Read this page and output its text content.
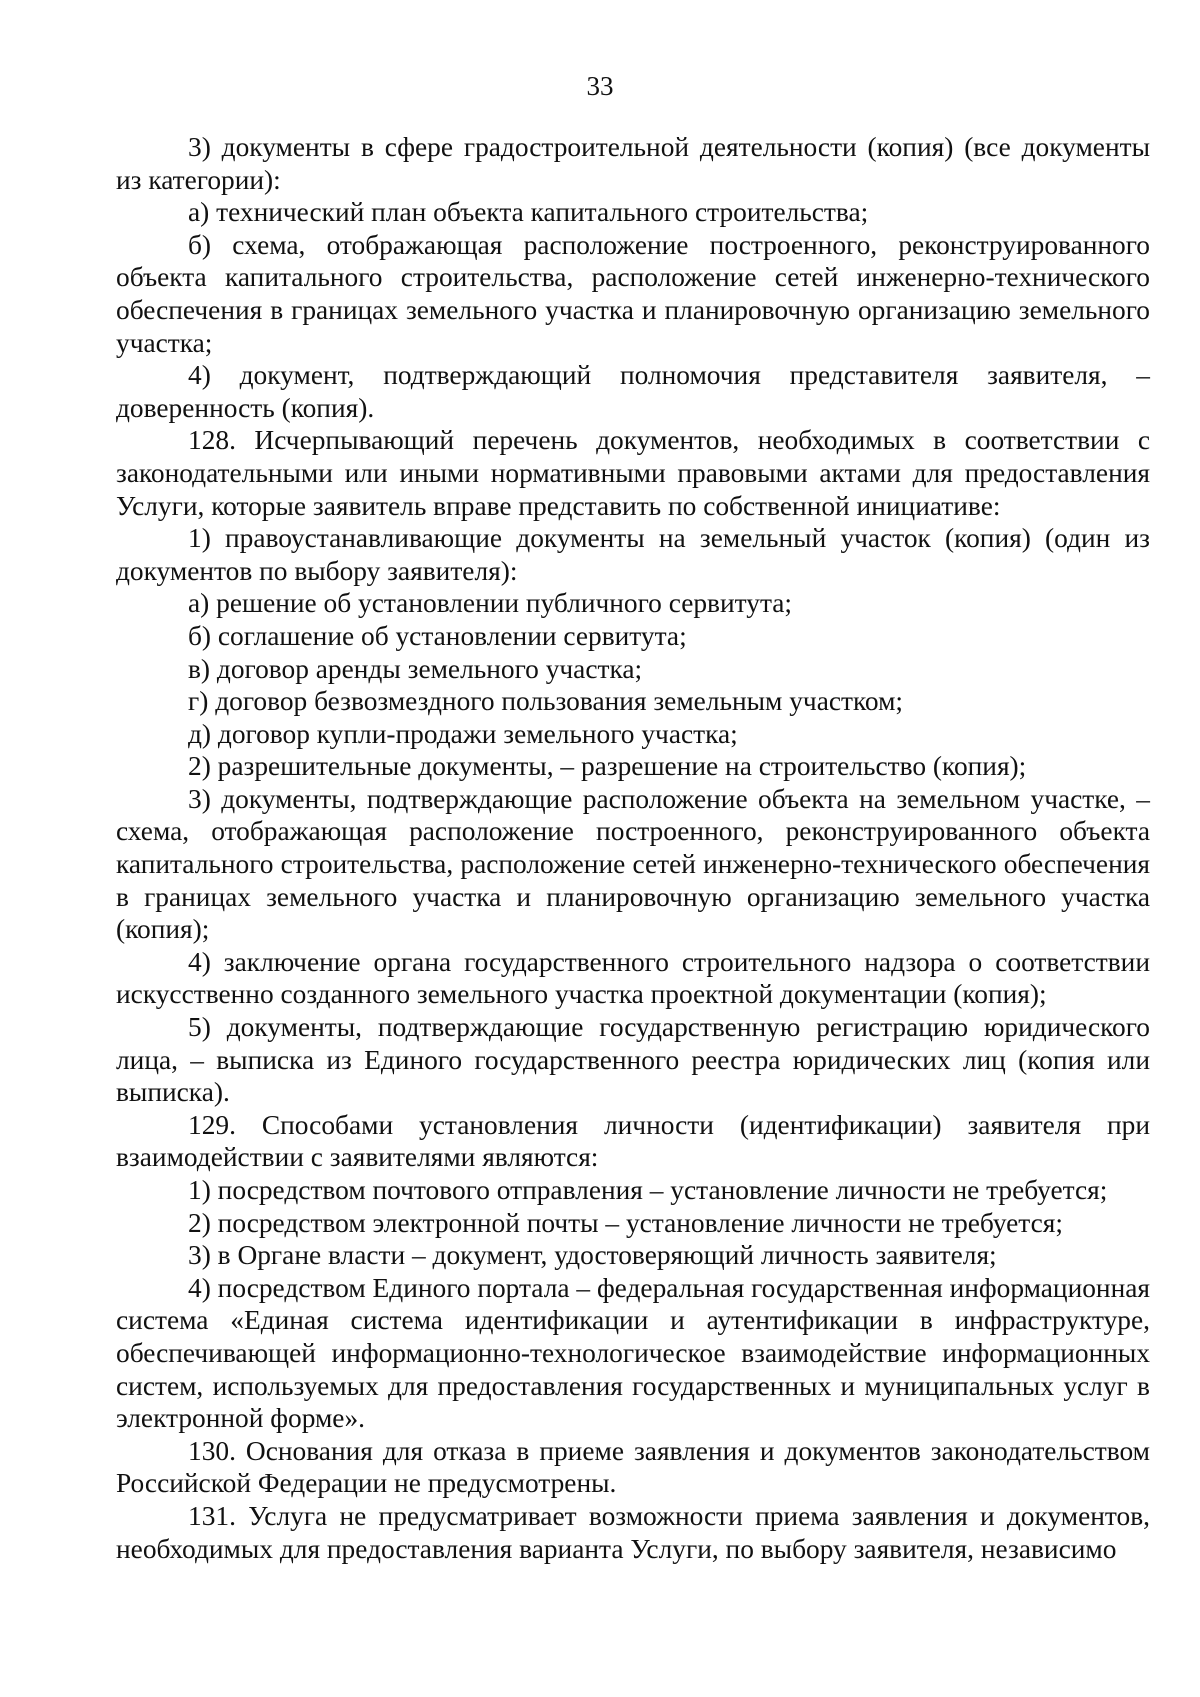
33

3) документы в сфере градостроительной деятельности (копия) (все документы из категории):

а) технический план объекта капитального строительства;

б) схема, отображающая расположение построенного, реконструированного объекта капитального строительства, расположение сетей инженерно-технического обеспечения в границах земельного участка и планировочную организацию земельного участка;

4) документ, подтверждающий полномочия представителя заявителя, – доверенность (копия).

128. Исчерпывающий перечень документов, необходимых в соответствии с законодательными или иными нормативными правовыми актами для предоставления Услуги, которые заявитель вправе представить по собственной инициативе:

1) правоустанавливающие документы на земельный участок (копия) (один из документов по выбору заявителя):

а) решение об установлении публичного сервитута;

б) соглашение об установлении сервитута;

в) договор аренды земельного участка;

г) договор безвозмездного пользования земельным участком;

д) договор купли-продажи земельного участка;

2) разрешительные документы, – разрешение на строительство (копия);

3) документы, подтверждающие расположение объекта на земельном участке, – схема, отображающая расположение построенного, реконструированного объекта капитального строительства, расположение сетей инженерно-технического обеспечения в границах земельного участка и планировочную организацию земельного участка (копия);

4) заключение органа государственного строительного надзора о соответствии искусственно созданного земельного участка проектной документации (копия);

5) документы, подтверждающие государственную регистрацию юридического лица, – выписка из Единого государственного реестра юридических лиц (копия или выписка).

129. Способами установления личности (идентификации) заявителя при взаимодействии с заявителями являются:

1) посредством почтового отправления – установление личности не требуется;

2) посредством электронной почты – установление личности не требуется;

3) в Органе власти – документ, удостоверяющий личность заявителя;

4) посредством Единого портала – федеральная государственная информационная система «Единая система идентификации и аутентификации в инфраструктуре, обеспечивающей информационно-технологическое взаимодействие информационных систем, используемых для предоставления государственных и муниципальных услуг в электронной форме».

130. Основания для отказа в приеме заявления и документов законодательством Российской Федерации не предусмотрены.

131. Услуга не предусматривает возможности приема заявления и документов, необходимых для предоставления варианта Услуги, по выбору заявителя, независимо
